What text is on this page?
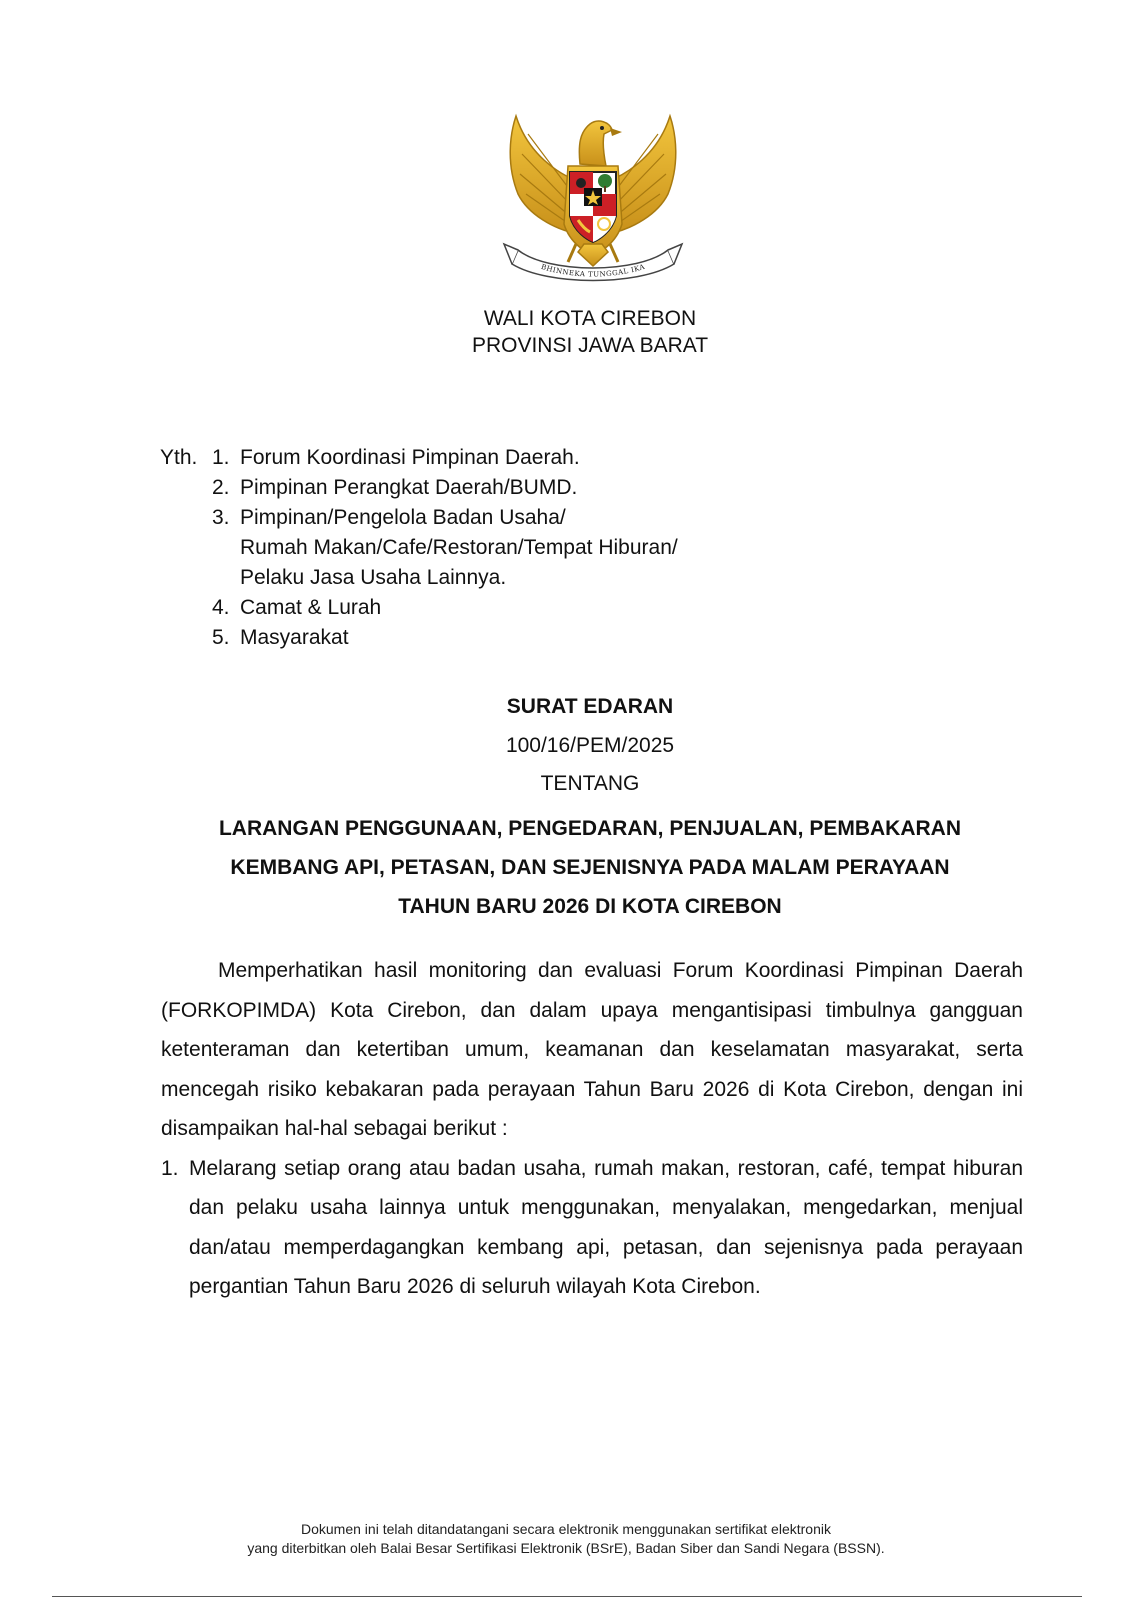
BHINNEKA TUNGGAL IKA
WALI KOTA CIREBON
PROVINSI JAWA BARAT
Yth. 1. Forum Koordinasi Pimpinan Daerah.
2. Pimpinan Perangkat Daerah/BUMD.
3. Pimpinan/Pengelola Badan Usaha/
Rumah Makan/Cafe/Restoran/Tempat Hiburan/
Pelaku Jasa Usaha Lainnya.
4. Camat & Lurah
5. Masyarakat
SURAT EDARAN
100/16/PEM/2025
TENTANG
LARANGAN PENGGUNAAN, PENGEDARAN, PENJUALAN, PEMBAKARAN
KEMBANG API, PETASAN, DAN SEJENISNYA PADA MALAM PERAYAAN
TAHUN BARU 2026 DI KOTA CIREBON

Memperhatikan hasil monitoring dan evaluasi Forum Koordinasi Pimpinan Daerah (FORKOPIMDA) Kota Cirebon, dan dalam upaya mengantisipasi timbulnya gangguan ketenteraman dan ketertiban umum, keamanan dan keselamatan masyarakat, serta mencegah risiko kebakaran pada perayaan Tahun Baru 2026 di Kota Cirebon, dengan ini disampaikan hal-hal sebagai berikut :

1. Melarang setiap orang atau badan usaha, rumah makan, restoran, café, tempat hiburan dan pelaku usaha lainnya untuk menggunakan, menyalakan, mengedarkan, menjual dan/atau memperdagangkan kembang api, petasan, dan sejenisnya pada perayaan pergantian Tahun Baru 2026 di seluruh wilayah Kota Cirebon.
Dokumen ini telah ditandatangani secara elektronik menggunakan sertifikat elektronik
yang diterbitkan oleh Balai Besar Sertifikasi Elektronik (BSrE), Badan Siber dan Sandi Negara (BSSN).
